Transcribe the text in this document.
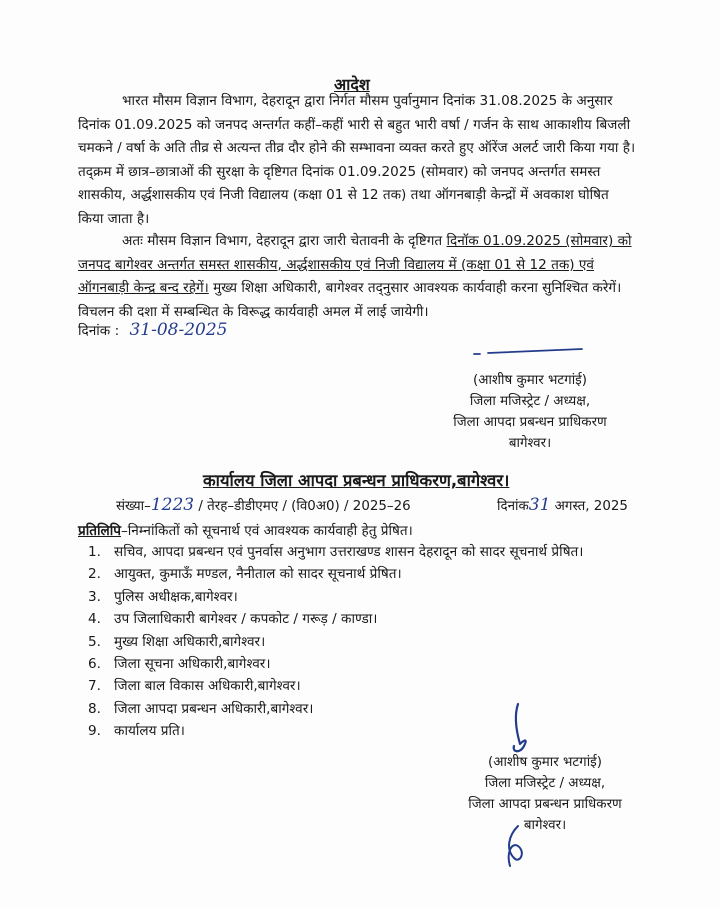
आदेश

भारत मौसम विज्ञान विभाग, देहरादून द्वारा निर्गत मौसम पुर्वानुमान दिनांक 31.08.2025 के अनुसार दिनांक 01.09.2025 को जनपद अन्तर्गत कहीं–कहीं भारी से बहुत भारी वर्षा / गर्जन के साथ आकाशीय बिजली चमकने / वर्षा के अति तीव्र से अत्यन्त तीव्र दौर होने की सम्भावना व्यक्त करते हुए ऑरेंज अलर्ट जारी किया गया है। तद्क्रम में छात्र–छात्राओं की सुरक्षा के दृष्टिगत दिनांक 01.09.2025 (सोमवार) को जनपद अन्तर्गत समस्त शासकीय, अर्द्धशासकीय एवं निजी विद्यालय (कक्षा 01 से 12 तक) तथा ऑगनबाड़ी केन्द्रों में अवकाश घोषित किया जाता है।

अतः मौसम विज्ञान विभाग, देहरादून द्वारा जारी चेतावनी के दृष्टिगत दिनॉक 01.09.2025 (सोमवार) को जनपद बागेश्वर अन्तर्गत समस्त शासकीय, अर्द्धशासकीय एवं निजी विद्यालय में (कक्षा 01 से 12 तक) एवं ऑगनबाड़ी केन्द्र बन्द रहेगें। मुख्य शिक्षा अधिकारी, बागेश्वर तद्नुसार आवश्यक कार्यवाही करना सुनिश्चित करेगें। विचलन की दशा में सम्बन्धित के विरूद्ध कार्यवाही अमल में लाई जायेगी।

दिनांक : 31-08-2025
(आशीष कुमार भटगांई)
जिला मजिस्ट्रेट / अध्यक्ष,
जिला आपदा प्रबन्धन प्राधिकरण
बागेश्वर।
कार्यालय जिला आपदा प्रबन्धन प्राधिकरण,बागेश्वर।
संख्या–1223 / तेरह–डीडीएमए / (वि0अ0) / 2025–26	दिनांक31 अगस्त, 2025
प्रतिलिपि–निम्नांकितों को सूचनार्थ एवं आवश्यक कार्यवाही हेतु प्रेषित।
1. सचिव, आपदा प्रबन्धन एवं पुनर्वास अनुभाग उत्तराखण्ड शासन देहरादून को सादर सूचनार्थ प्रेषित।
2. आयुक्त, कुमाऊँ मण्डल, नैनीताल को सादर सूचनार्थ प्रेषित।
3. पुलिस अधीक्षक,बागेश्वर।
4. उप जिलाधिकारी बागेश्वर / कपकोट / गरूड़ / काण्डा।
5. मुख्य शिक्षा अधिकारी,बागेश्वर।
6. जिला सूचना अधिकारी,बागेश्वर।
7. जिला बाल विकास अधिकारी,बागेश्वर।
8. जिला आपदा प्रबन्धन अधिकारी,बागेश्वर।
9. कार्यालय प्रति।
(आशीष कुमार भटगांई)
जिला मजिस्ट्रेट / अध्यक्ष,
जिला आपदा प्रबन्धन प्राधिकरण
बागेश्वर।
